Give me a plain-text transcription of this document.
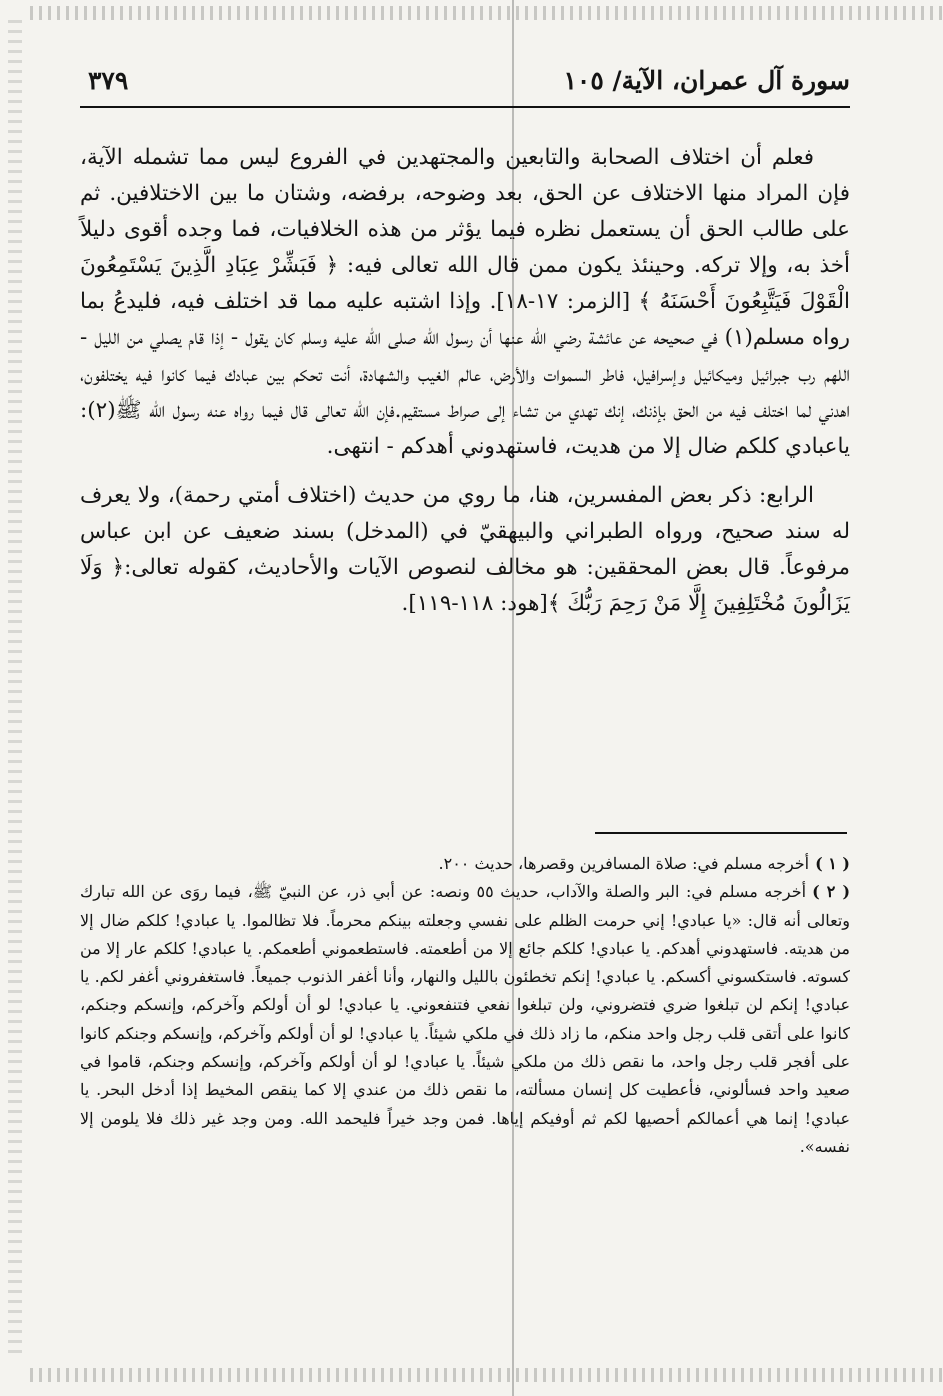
سورة آل عمران، الآية/ ١٠٥
٣٧٩

فعلم أن اختلاف الصحابة والتابعين والمجتهدين في الفروع ليس مما تشمله الآية، فإن المراد منها الاختلاف عن الحق، بعد وضوحه، برفضه، وشتان ما بين الاختلافين. ثم على طالب الحق أن يستعمل نظره فيما يؤثر من هذه الخلافيات، فما وجده أقوى دليلاً أخذ به، وإلا تركه. وحينئذ يكون ممن قال الله تعالى فيه: ﴿ فَبَشِّرْ عِبَادِ الَّذِينَ يَسْتَمِعُونَ الْقَوْلَ فَيَتَّبِعُونَ أَحْسَنَهُ ﴾ [الزمر: ١٧-١٨]. وإذا اشتبه عليه مما قد اختلف فيه، فليدعُ بما رواه مسلم(١) في صحيحه عن عائشة رضي الله عنها أن رسول الله صلى الله عليه وسلم كان يقول - إذا قام يصلي من الليل - اللهم رب جبرائيل وميكائيل وإسرافيل، فاطر السموات والأرض، عالم الغيب والشهادة، أنت تحكم بين عبادك فيما كانوا فيه يختلفون، اهدني لما اختلف فيه من الحق بإذنك، إنك تهدي من تشاء إلى صراط مستقيم.فإن الله تعالى قال فيما رواه عنه رسول الله ﷺ(٢): ياعبادي كلكم ضال إلا من هديت، فاستهدوني أهدكم - انتهى.

الرابع: ذكر بعض المفسرين، هنا، ما روي من حديث (اختلاف أمتي رحمة)، ولا يعرف له سند صحيح، ورواه الطبراني والبيهقيّ في (المدخل) بسند ضعيف عن ابن عباس مرفوعاً. قال بعض المحققين: هو مخالف لنصوص الآيات والأحاديث، كقوله تعالى:﴿ وَلَا يَزَالُونَ مُخْتَلِفِينَ إِلَّا مَنْ رَحِمَ رَبُّكَ ﴾[هود: ١١٨-١١٩].

( ١ )أخرجه مسلم في: صلاة المسافرين وقصرها، حديث ٢٠٠.

( ٢ )أخرجه مسلم في: البر والصلة والآداب، حديث ٥٥ ونصه: عن أبي ذر، عن النبيّ ﷺ، فيما روَى عن الله تبارك وتعالى أنه قال: «يا عبادي! إني حرمت الظلم على نفسي وجعلته بينكم محرماً. فلا تظالموا. يا عبادي! كلكم ضال إلا من هديته. فاستهدوني أهدكم. يا عبادي! كلكم جائع إلا من أطعمته. فاستطعموني أطعمكم. يا عبادي! كلكم عار إلا من كسوته. فاستكسوني أكسكم. يا عبادي! إنكم تخطئون بالليل والنهار، وأنا أغفر الذنوب جميعاً. فاستغفروني أغفر لكم. يا عبادي! إنكم لن تبلغوا ضري فتضروني، ولن تبلغوا نفعي فتنفعوني. يا عبادي! لو أن أولكم وآخركم، وإنسكم وجنكم، كانوا على أتقى قلب رجل واحد منكم، ما زاد ذلك في ملكي شيئاً. يا عبادي! لو أن أولكم وآخركم، وإنسكم وجنكم كانوا على أفجر قلب رجل واحد، ما نقص ذلك من ملكي شيئاً. يا عبادي! لو أن أولكم وآخركم، وإنسكم وجنكم، قاموا في صعيد واحد فسألوني، فأعطيت كل إنسان مسألته، ما نقص ذلك من عندي إلا كما ينقص المخيط إذا أدخل البحر. يا عبادي! إنما هي أعمالكم أحصيها لكم ثم أوفيكم إياها. فمن وجد خيراً فليحمد الله. ومن وجد غير ذلك فلا يلومن إلا نفسه».
